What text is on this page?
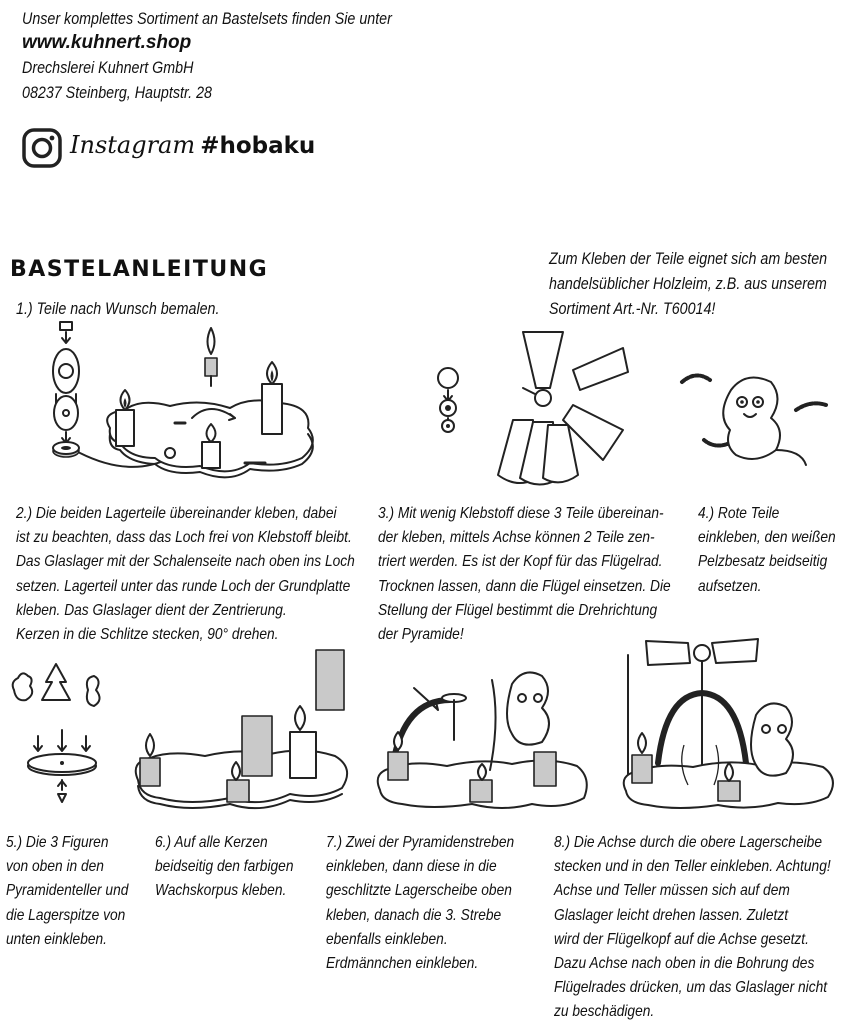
Unser komplettes Sortiment an Bastelsets finden Sie unter
www.kuhnert.shop
Drechslerei Kuhnert GmbH
08237 Steinberg, Hauptstr. 28
Instagram #hobaku
BASTELANLEITUNG	Zum Kleben der Teile eignet sich am besten
handelsüblicher Holzleim, z.B. aus unserem
Sortiment Art.-Nr. T60014!
1.) Teile nach Wunsch bemalen.
2.) Die beiden Lagerteile übereinander kleben, dabei
ist zu beachten, dass das Loch frei von Klebstoff bleibt.
Das Glaslager mit der Schalenseite nach oben ins Loch
setzen. Lagerteil unter das runde Loch der Grundplatte
kleben. Das Glaslager dient der Zentrierung.
Kerzen in die Schlitze stecken, 90° drehen.
3.) Mit wenig Klebstoff diese 3 Teile übereinan-
der kleben, mittels Achse können 2 Teile zen-
triert werden. Es ist der Kopf für das Flügelrad.
Trocknen lassen, dann die Flügel einsetzen. Die
Stellung der Flügel bestimmt die Drehrichtung
der Pyramide!
4.) Rote Teile
einkleben, den weißen
Pelzbesatz beidseitig
aufsetzen.
5.) Die 3 Figuren
von oben in den
Pyramidenteller und
die Lagerspitze von
unten einkleben.
6.) Auf alle Kerzen
beidseitig den farbigen
Wachskorpus kleben.
7.) Zwei der Pyramidenstreben
einkleben, dann diese in die
geschlitzte Lagerscheibe oben
kleben, danach die 3. Strebe
ebenfalls einkleben.
Erdmännchen einkleben.
8.) Die Achse durch die obere Lagerscheibe
stecken und in den Teller einkleben. Achtung!
Achse und Teller müssen sich auf dem
Glaslager leicht drehen lassen. Zuletzt
wird der Flügelkopf auf die Achse gesetzt.
Dazu Achse nach oben in die Bohrung des
Flügelrades drücken, um das Glaslager nicht
zu beschädigen.
